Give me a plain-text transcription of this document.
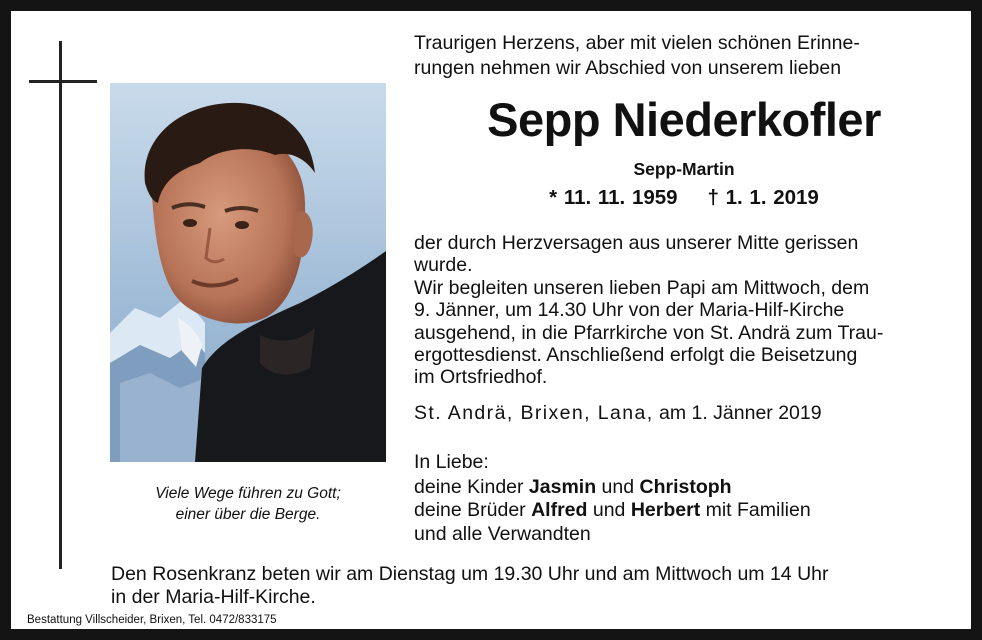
Viele Wege führen zu Gott;
einer über die Berge.
Traurigen Herzens, aber mit vielen schönen Erinne-
rungen nehmen wir Abschied von unserem lieben
Sepp Niederkofler
Sepp-Martin
* 11. 11. 1959 † 1. 1. 2019
der durch Herzversagen aus unserer Mitte gerissen
wurde.
Wir begleiten unseren lieben Papi am Mittwoch, dem
9. Jänner, um 14.30 Uhr von der Maria-Hilf-Kirche
ausgehend, in die Pfarrkirche von St. Andrä zum Trau-
ergottesdienst. Anschließend erfolgt die Beisetzung
im Ortsfriedhof.
St. Andrä, Brixen, Lana, am 1. Jänner 2019
In Liebe:
deine Kinder Jasmin und Christoph
deine Brüder Alfred und Herbert mit Familien
und alle Verwandten
Den Rosenkranz beten wir am Dienstag um 19.30 Uhr und am Mittwoch um 14 Uhr
in der Maria-Hilf-Kirche.
Bestattung Villscheider, Brixen, Tel. 0472/833175
